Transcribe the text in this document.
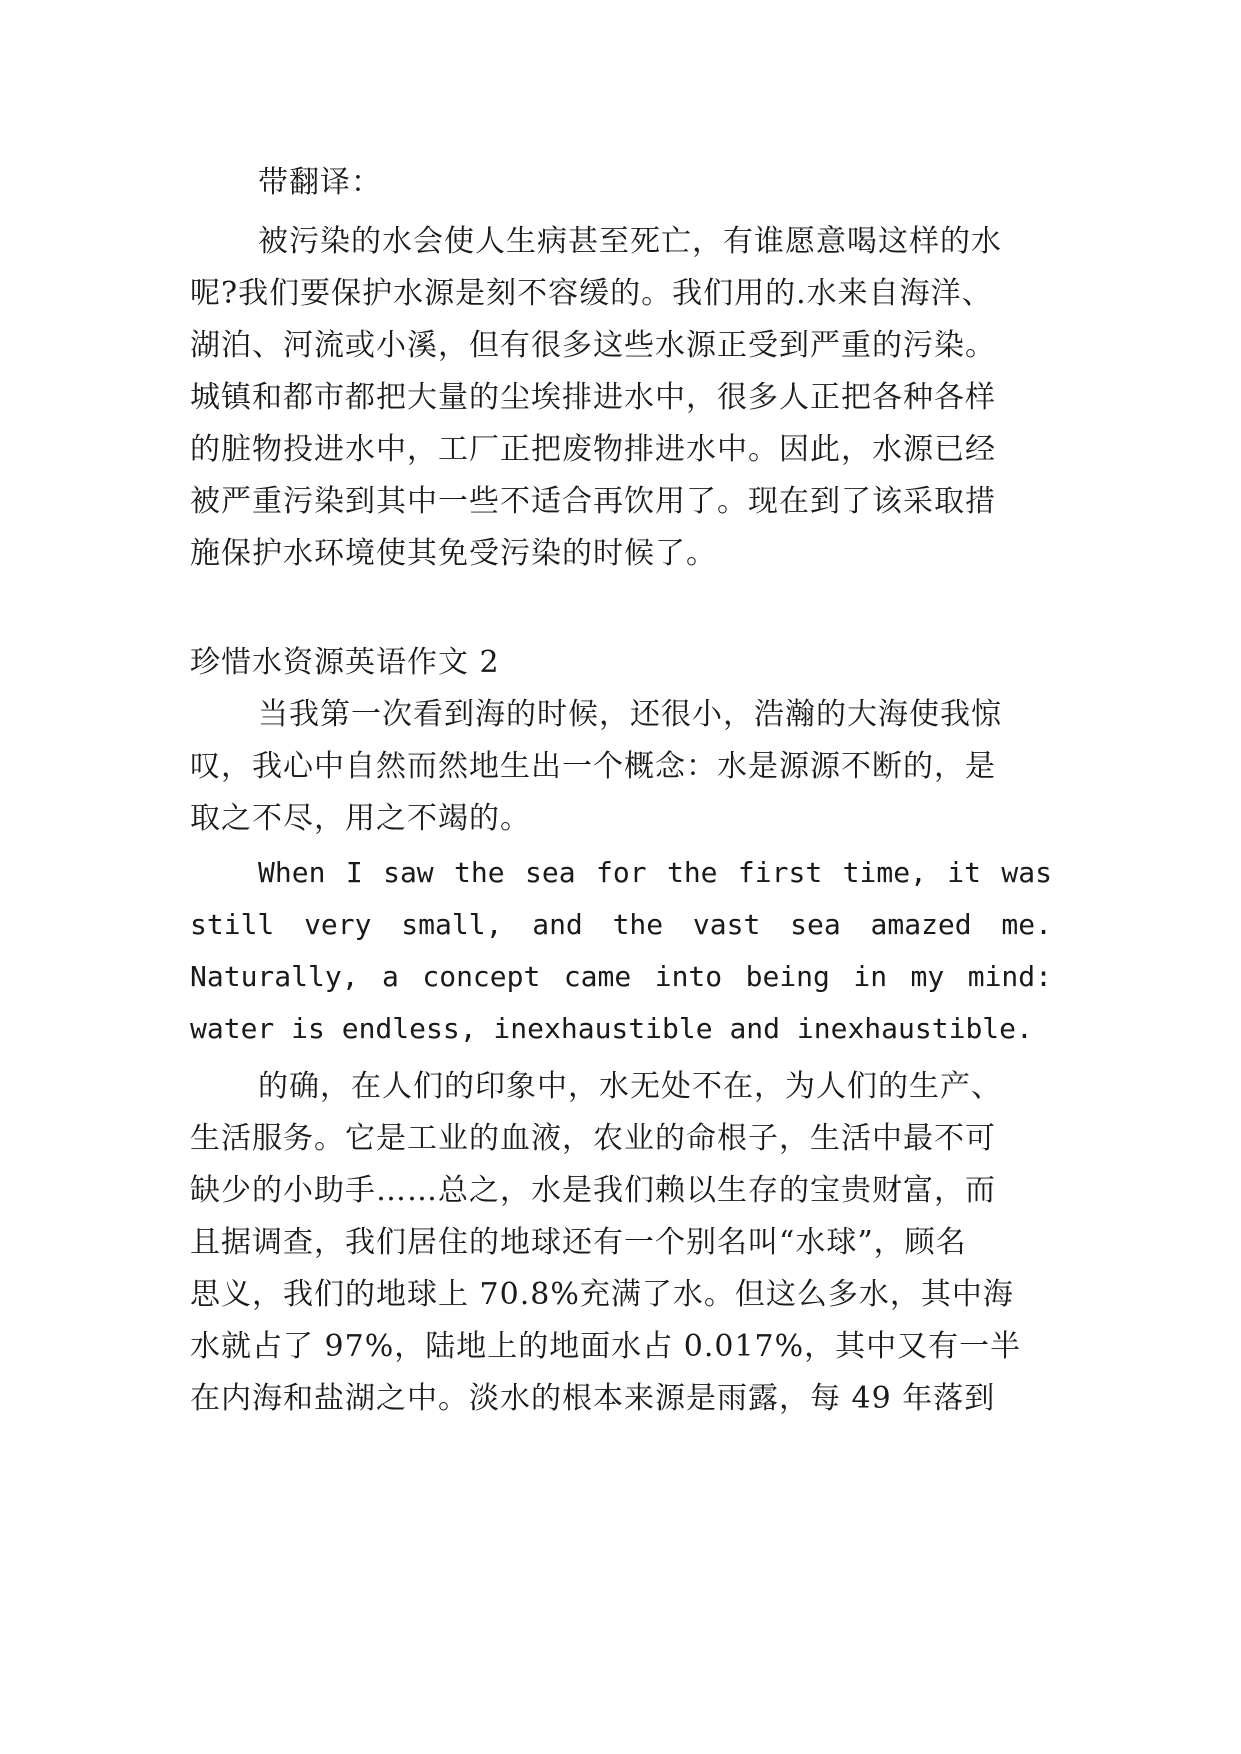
带翻译：
被污染的水会使人生病甚至死亡，有谁愿意喝这样的水
呢?我们要保护水源是刻不容缓的。我们用的.水来自海洋、
湖泊、河流或小溪，但有很多这些水源正受到严重的污染。
城镇和都市都把大量的尘埃排进水中，很多人正把各种各样
的脏物投进水中，工厂正把废物排进水中。因此，水源已经
被严重污染到其中一些不适合再饮用了。现在到了该采取措
施保护水环境使其免受污染的时候了。
珍惜水资源英语作文 2
当我第一次看到海的时候，还很小，浩瀚的大海使我惊
叹，我心中自然而然地生出一个概念：水是源源不断的，是
取之不尽，用之不竭的。
When I saw the sea for the first time, it was
still very small, and the vast sea amazed me.
Naturally, a concept came into being in my mind:
water is endless, inexhaustible and inexhaustible.
的确，在人们的印象中，水无处不在，为人们的生产、
生活服务。它是工业的血液，农业的命根子，生活中最不可
缺少的小助手……总之，水是我们赖以生存的宝贵财富，而
且据调查，我们居住的地球还有一个别名叫“水球”，顾名
思义，我们的地球上 70.8%充满了水。但这么多水，其中海
水就占了 97%，陆地上的地面水占 0.017%，其中又有一半
在内海和盐湖之中。淡水的根本来源是雨露，每 49 年落到
